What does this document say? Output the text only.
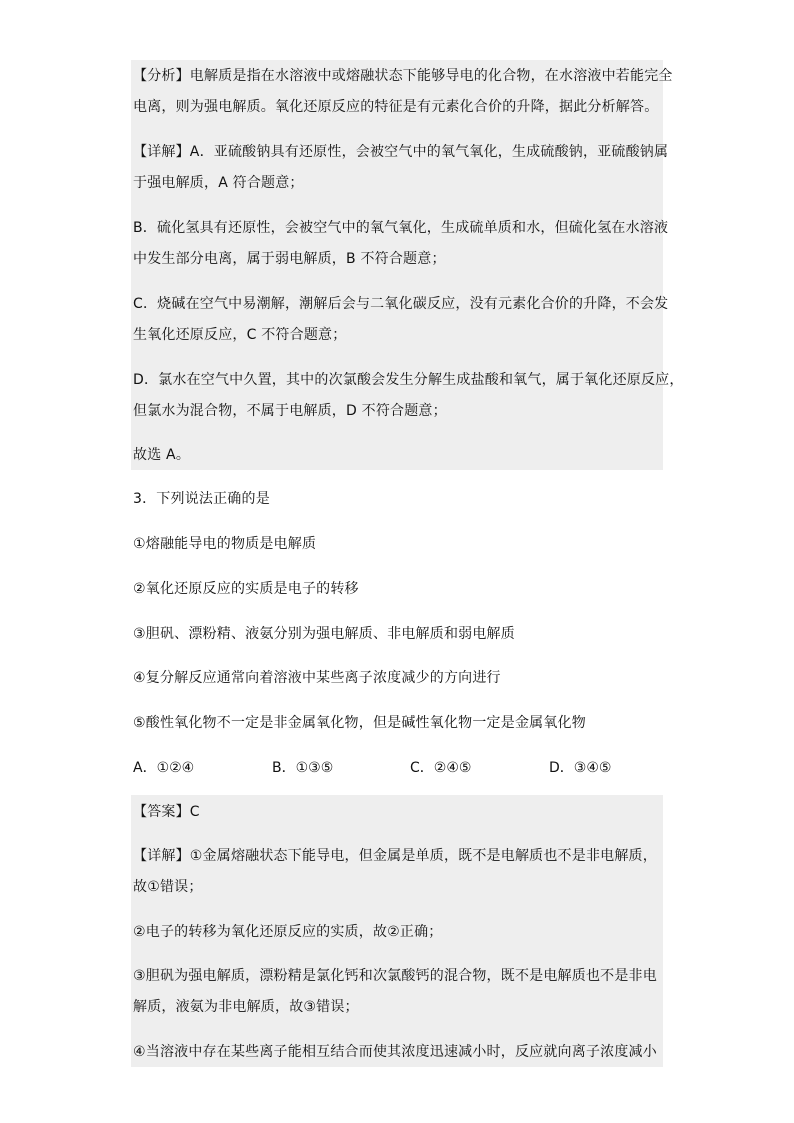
【分析】电解质是指在水溶液中或熔融状态下能够导电的化合物，在水溶液中若能完全
电离，则为强电解质。氧化还原反应的特征是有元素化合价的升降，据此分析解答。
【详解】A．亚硫酸钠具有还原性，会被空气中的氧气氧化，生成硫酸钠，亚硫酸钠属
于强电解质，A 符合题意；
B．硫化氢具有还原性，会被空气中的氧气氧化，生成硫单质和水，但硫化氢在水溶液
中发生部分电离，属于弱电解质，B 不符合题意；
C．烧碱在空气中易潮解，潮解后会与二氧化碳反应，没有元素化合价的升降，不会发
生氧化还原反应，C 不符合题意；
D．氯水在空气中久置，其中的次氯酸会发生分解生成盐酸和氧气，属于氧化还原反应，
但氯水为混合物，不属于电解质，D 不符合题意；
故选 A。
3．下列说法正确的是
①熔融能导电的物质是电解质
②氧化还原反应的实质是电子的转移
③胆矾、漂粉精、液氨分别为强电解质、非电解质和弱电解质
④复分解反应通常向着溶液中某些离子浓度减少的方向进行
⑤酸性氧化物不一定是非金属氧化物，但是碱性氧化物一定是金属氧化物
A．①②④	B．①③⑤	C．②④⑤	D．③④⑤
【答案】C
【详解】①金属熔融状态下能导电，但金属是单质，既不是电解质也不是非电解质，
故①错误；
②电子的转移为氧化还原反应的实质，故②正确；
③胆矾为强电解质，漂粉精是氯化钙和次氯酸钙的混合物，既不是电解质也不是非电
解质，液氨为非电解质，故③错误；
④当溶液中存在某些离子能相互结合而使其浓度迅速减小时，反应就向离子浓度减小
